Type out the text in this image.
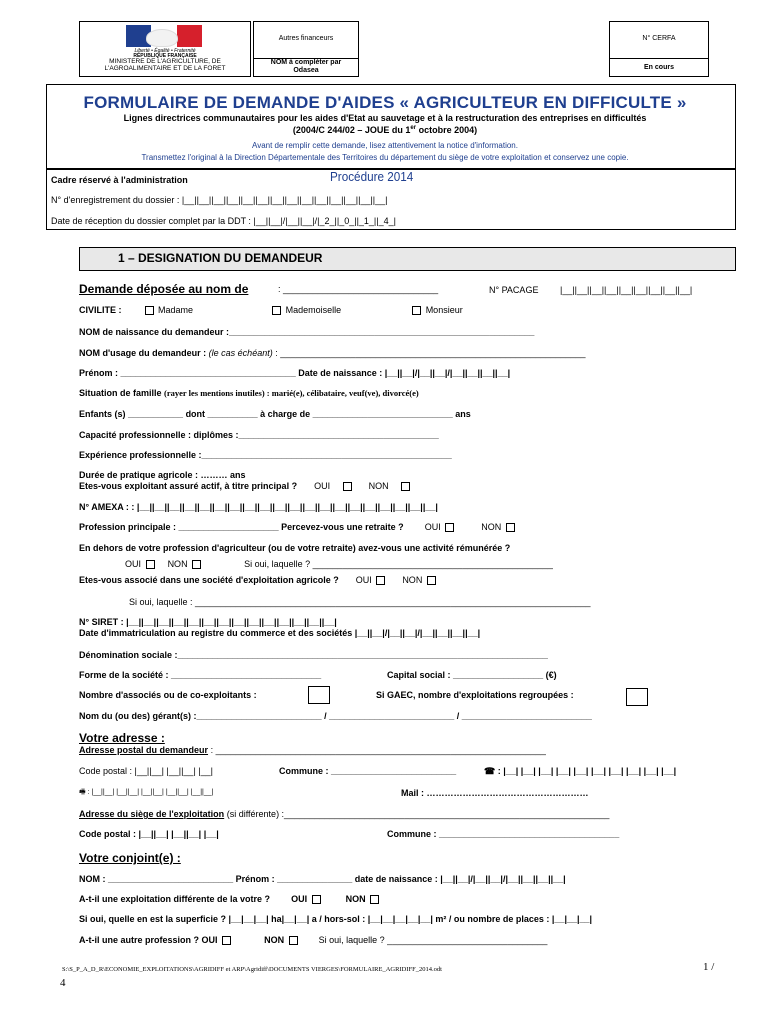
Liberté • Égalité • Fraternité
RÉPUBLIQUE FRANÇAISE
MINISTERE DE L'AGRICULTURE, DE L'AGROALIMENTAIRE ET DE LA FORET		Autres financeurs		N° CERFA

		NOM à compléter par Odasea		En cours
FORMULAIRE DE DEMANDE D'AIDES « AGRICULTEUR EN DIFFICULTE »
Lignes directrices communautaires pour les aides d'Etat au sauvetage et à la restructuration des entreprises en difficultés
(2004/C 244/02 – JOUE du 1er octobre 2004)
Avant de remplir cette demande, lisez attentivement la notice d'information.
Transmettez l'original à la Direction Départementale des Territoires du département du siège de votre exploitation et conservez une copie.
Cadre réservé à l'administration	Procédure 2014
N° d'enregistrement du dossier : |__||__||__||__||__||__||__||__||__||__||__||__||__||__|
Date de réception du dossier complet par la DDT : |__||__|/|__||__|/|_2_||_0_||_1_||_4_|
1 – DESIGNATION DU DEMANDEUR
Demande déposée au nom de	: _______________________________	N° PACAGE |__||__||__||__||__||__||__||__||__|
CIVILITE :	Madame	Mademoiselle	Monsieur
NOM de naissance du demandeur :_____________________________________________________________
NOM d'usage du demandeur : (le cas échéant) : _____________________________________________________________
Prénom : ___________________________________ Date de naissance : |__||__|/|__||__|/|__||__||__||__|
Situation de famille (rayer les mentions inutiles) : marié(e), célibataire, veuf(ve), divorcé(e)
Enfants (s) ___________ dont __________ à charge de ____________________________ ans
Capacité professionnelle : diplômes :________________________________________
Expérience professionnelle :__________________________________________________
Durée de pratique agricole : ……… ans
Etes-vous exploitant assuré actif, à titre principal ? OUI	NON
N° AMEXA : : |__||__||__||__||__||__||__||__||__||__||__||__||__||__||__||__||__||__||__||__|
Profession principale : ____________________ Percevez-vous une retraite ? OUI	NON
En dehors de votre profession d'agriculteur (ou de votre retraite) avez-vous une activité rémunérée ?
OUI	NON	Si oui, laquelle ? ________________________________________________
Etes-vous associé dans une société d'exploitation agricole ? OUI	NON
Si oui, laquelle : _______________________________________________________________________________
N° SIRET : |__||__||__||__||__||__||__||__||__||__||__||__||__||__|
Date d'immatriculation au registre du commerce et des sociétés |__||__|/|__||__|/|__||__||__||__|
Dénomination sociale :__________________________________________________________________________
Forme de la société : ______________________________	Capital social : __________________ (€)
Nombre d'associés ou de co-exploitants :	Si GAEC, nombre d'exploitations regroupées :
Nom du (ou des) gérant(s) :_________________________ / _________________________ / __________________________
Votre adresse :
Adresse postal du demandeur : __________________________________________________________________
Code postal : |__||__| |__||__| |__|	Commune : _________________________	☎ : |__| |__| |__| |__| |__| |__| |__| |__| |__| |__|
🖷 : |__||__| |__||__| |__||__| |__||__| |__||__|	Mail : ………………………………………………
Adresse du siège de l'exploitation (si différente) :_________________________________________________________________
Code postal : |__||__| |__||__| |__|	Commune : ____________________________________
Votre conjoint(e) :
NOM : _________________________ Prénom : _______________ date de naissance : |__||__|/|__||__|/|__||__||__||__|
A-t-il une exploitation différente de la votre ? OUI	NON
Si oui, quelle en est la superficie ? |__|__|__| ha|__|__| a / hors-sol : |__|__|__|__|__| m² / ou nombre de places : |__|__|__|
A-t-il une autre profession ? OUI	NON	Si oui, laquelle ? ________________________________
S:\S_P_A_D_R\ECONOMIE_EXPLOITATIONS\AGRIDIFF et ARP\Agridiff\DOCUMENTS VIERGES\FORMULAIRE_AGRIDIFF_2014.odt	1 /
4
